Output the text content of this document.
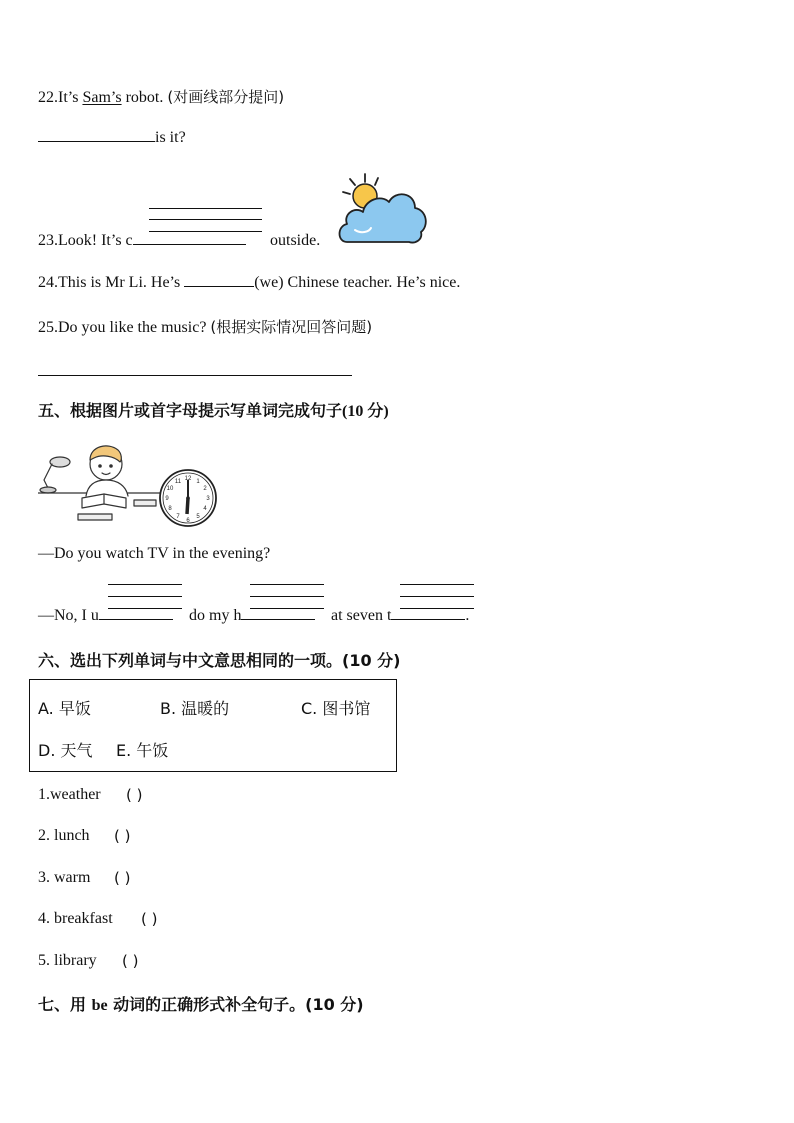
22.It’s Sam’s robot. (对画线部分提问)
is it?
23.Look! It’s c	outside.
24.This is Mr Li. He’s	(we) Chinese teacher. He’s nice.
25.Do you like the music? (根据实际情况回答问题)
五、根据图片或首字母提示写单词完成句子(10 分)
12 1
2
3
4
5
6
7
8
9
10
11
—Do you watch TV in the evening?
—No, I u	do my h	at seven t	.
六、选出下列单词与中文意思相同的一项。(10 分)
A. 早饭	B. 温暖的	C. 图书馆
D. 天气 E. 午饭
1.weather ( )
2. lunch ( )
3. warm ( )
4. breakfast ( )
5. library ( )
七、用 be 动词的正确形式补全句子。(10 分)
